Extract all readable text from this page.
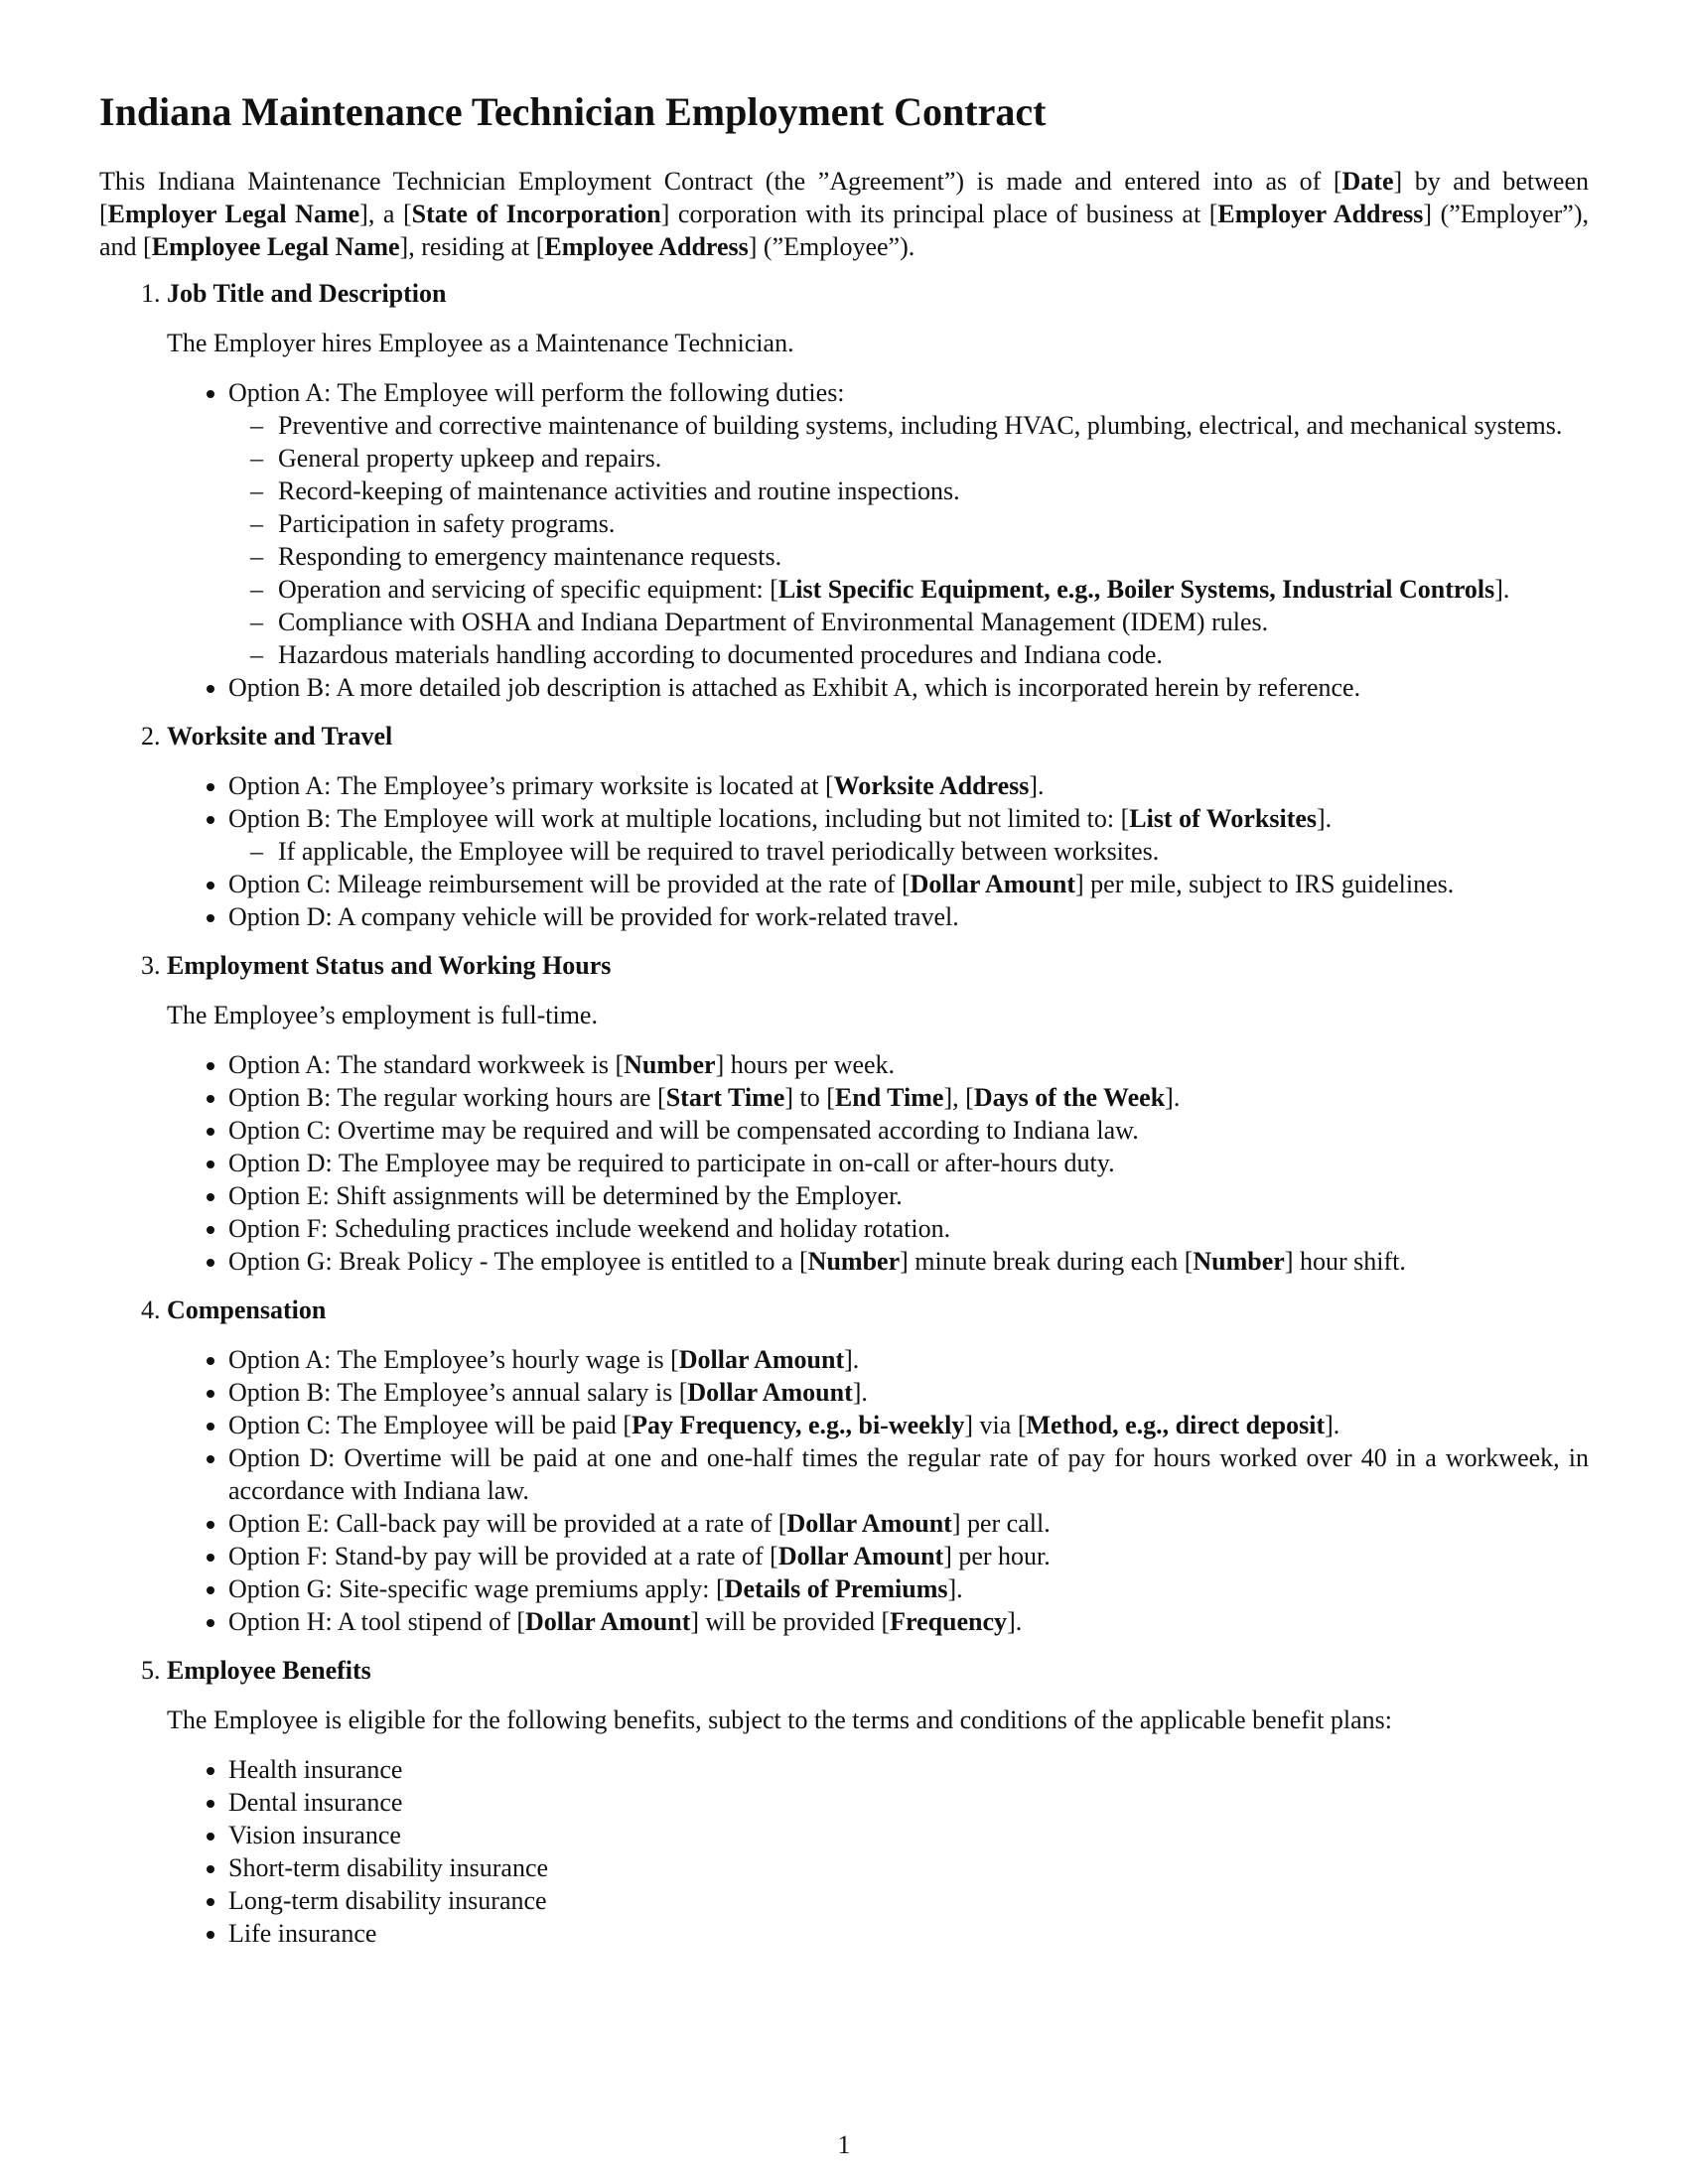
Indiana Maintenance Technician Employment Contract

This Indiana Maintenance Technician Employment Contract (the ”Agreement”) is made and entered into as of [Date] by and between [Employer Legal Name], a [State of Incorporation] corporation with its principal place of business at [Employer Address] (”Employer”), and [Employee Legal Name], residing at [Employee Address] (”Employee”).

1. Job Title and Description

The Employer hires Employee as a Maintenance Technician.

• Option A: The Employee will perform the following duties:
– Preventive and corrective maintenance of building systems, including HVAC, plumbing, electrical, and mechanical systems.
– General property upkeep and repairs.
– Record-keeping of maintenance activities and routine inspections.
– Participation in safety programs.
– Responding to emergency maintenance requests.
– Operation and servicing of specific equipment: [List Specific Equipment, e.g., Boiler Systems, Industrial Controls].
– Compliance with OSHA and Indiana Department of Environmental Management (IDEM) rules.
– Hazardous materials handling according to documented procedures and Indiana code.
• Option B: A more detailed job description is attached as Exhibit A, which is incorporated herein by reference.
2. Worksite and Travel
• Option A: The Employee’s primary worksite is located at [Worksite Address].
• Option B: The Employee will work at multiple locations, including but not limited to: [List of Worksites].
– If applicable, the Employee will be required to travel periodically between worksites.
• Option C: Mileage reimbursement will be provided at the rate of [Dollar Amount] per mile, subject to IRS guidelines.
• Option D: A company vehicle will be provided for work-related travel.
3. Employment Status and Working Hours

The Employee’s employment is full-time.

• Option A: The standard workweek is [Number] hours per week.
• Option B: The regular working hours are [Start Time] to [End Time], [Days of the Week].
• Option C: Overtime may be required and will be compensated according to Indiana law.
• Option D: The Employee may be required to participate in on-call or after-hours duty.
• Option E: Shift assignments will be determined by the Employer.
• Option F: Scheduling practices include weekend and holiday rotation.
• Option G: Break Policy - The employee is entitled to a [Number] minute break during each [Number] hour shift.
4. Compensation
• Option A: The Employee’s hourly wage is [Dollar Amount].
• Option B: The Employee’s annual salary is [Dollar Amount].
• Option C: The Employee will be paid [Pay Frequency, e.g., bi-weekly] via [Method, e.g., direct deposit].
• Option D: Overtime will be paid at one and one-half times the regular rate of pay for hours worked over 40 in a workweek, in accordance with Indiana law.
• Option E: Call-back pay will be provided at a rate of [Dollar Amount] per call.
• Option F: Stand-by pay will be provided at a rate of [Dollar Amount] per hour.
• Option G: Site-specific wage premiums apply: [Details of Premiums].
• Option H: A tool stipend of [Dollar Amount] will be provided [Frequency].
5. Employee Benefits

The Employee is eligible for the following benefits, subject to the terms and conditions of the applicable benefit plans:

• Health insurance
• Dental insurance
• Vision insurance
• Short-term disability insurance
• Long-term disability insurance
• Life insurance
1
